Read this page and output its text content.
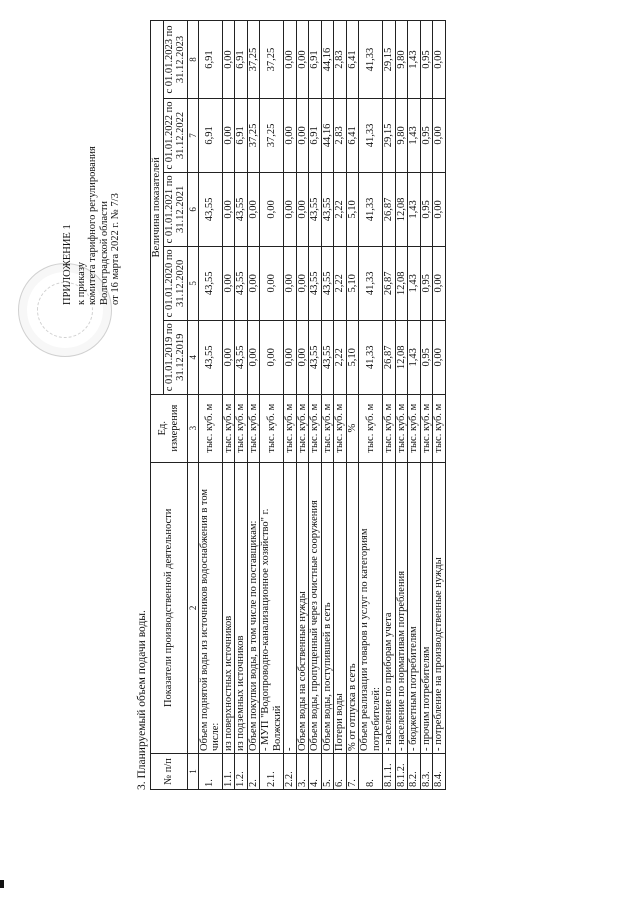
ПРИЛОЖЕНИЕ 1 к приказу комитета тарифного регулирования Волгоградской области от 16 марта 2022 г. № 7/3
3. Планируемый объем подачи воды. № п/п	Показатели производственной деятельности	Ед. измерения	Величина показателей				
			с 01.01.2019 по 31.12.2019	с 01.01.2020 по 31.12.2020	с 01.01.2021 по 31.12.2021	с 01.01.2022 по 31.12.2022	с 01.01.2023 по 31.12.2023
1	2	3	4	5	6	7	8
1.	Объем поднятой воды из источников водоснабжения в том числе:	тыс. куб. м	43,55	43,55	43,55	6,91	6,91
1.1.	из поверхностных источников	тыс. куб. м	0,00	0,00	0,00	0,00	0,00
1.2.	из подземных источников	тыс. куб. м	43,55	43,55	43,55	6,91	6,91
2.	Объем покупки воды, в том числе по поставщикам:	тыс. куб. м	0,00	0,00	0,00	37,25	37,25
2.1.	- МУП "Водопроводно-канализационное хозяйство" г. Волжский	тыс. куб. м	0,00	0,00	0,00	37,25	37,25
2.2.	-	тыс. куб. м	0,00	0,00	0,00	0,00	0,00
3.	Объем воды на собственные нужды	тыс. куб. м	0,00	0,00	0,00	0,00	0,00
4.	Объем воды, пропущенный через очистные сооружения	тыс. куб. м	43,55	43,55	43,55	6,91	6,91
5.	Объем воды, поступившей в сеть	тыс. куб. м	43,55	43,55	43,55	44,16	44,16
6.	Потери воды	тыс. куб. м	2,22	2,22	2,22	2,83	2,83
7.	% от отпуска в сеть	%	5,10	5,10	5,10	6,41	6,41
8.	Объем реализации товаров и услуг по категориям потребителей:	тыс. куб. м	41,33	41,33	41,33	41,33	41,33
8.1.1.	- население по приборам учета	тыс. куб. м	26,87	26,87	26,87	29,15	29,15
8.1.2.	- население по нормативам потребления	тыс. куб. м	12,08	12,08	12,08	9,80	9,80
8.2.	- бюджетным потребителям	тыс. куб. м	1,43	1,43	1,43	1,43	1,43
8.3.	- прочим потребителям	тыс. куб. м	0,95	0,95	0,95	0,95	0,95
8.4.	- потребление на производственные нужды	тыс. куб. м	0,00	0,00	0,00	0,00	0,00
